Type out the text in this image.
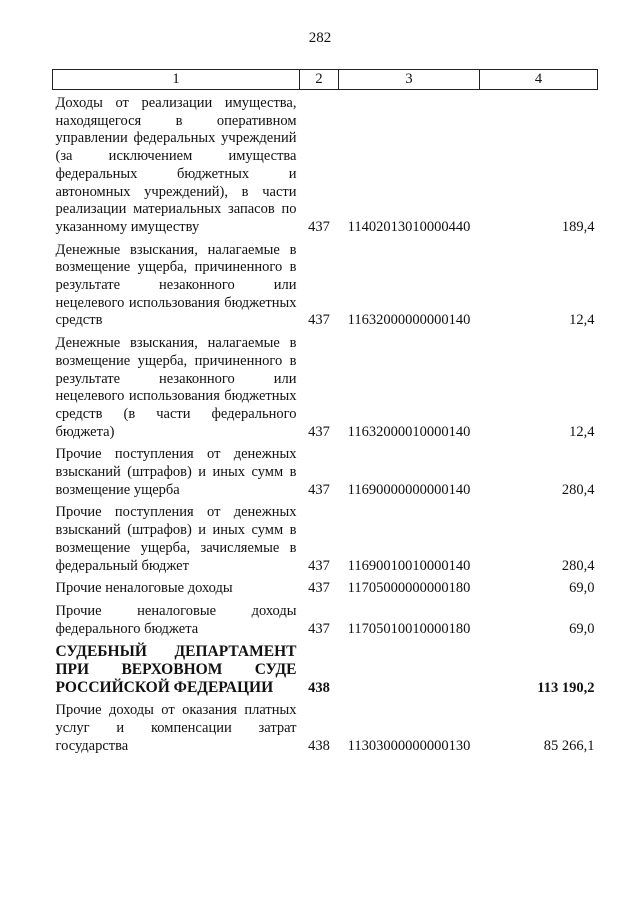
282
1	2	3	4
Доходы от реализации имущества, находящегося в оперативном управлении федеральных учреждений (за исключением имущества федеральных бюджетных и автономных учреждений), в части реализации материальных запасов по указанному имуществу	437	11402013010000440	189,4
Денежные взыскания, налагаемые в возмещение ущерба, причиненного в результате незаконного или нецелевого использования бюджетных средств	437	11632000000000140	12,4
Денежные взыскания, налагаемые в возмещение ущерба, причиненного в результате незаконного или нецелевого использования бюджетных средств (в части федерального бюджета)	437	11632000010000140	12,4
Прочие поступления от денежных взысканий (штрафов) и иных сумм в возмещение ущерба	437	11690000000000140	280,4
Прочие поступления от денежных взысканий (штрафов) и иных сумм в возмещение ущерба, зачисляемые в федеральный бюджет	437	11690010010000140	280,4
Прочие неналоговые доходы	437	11705000000000180	69,0
Прочие неналоговые доходы федерального бюджета	437	11705010010000180	69,0
СУДЕБНЫЙ ДЕПАРТАМЕНТ ПРИ ВЕРХОВНОМ СУДЕ РОССИЙСКОЙ ФЕДЕРАЦИИ	438		113 190,2
Прочие доходы от оказания платных услуг и компенсации затрат государства	438	11303000000000130	85 266,1
